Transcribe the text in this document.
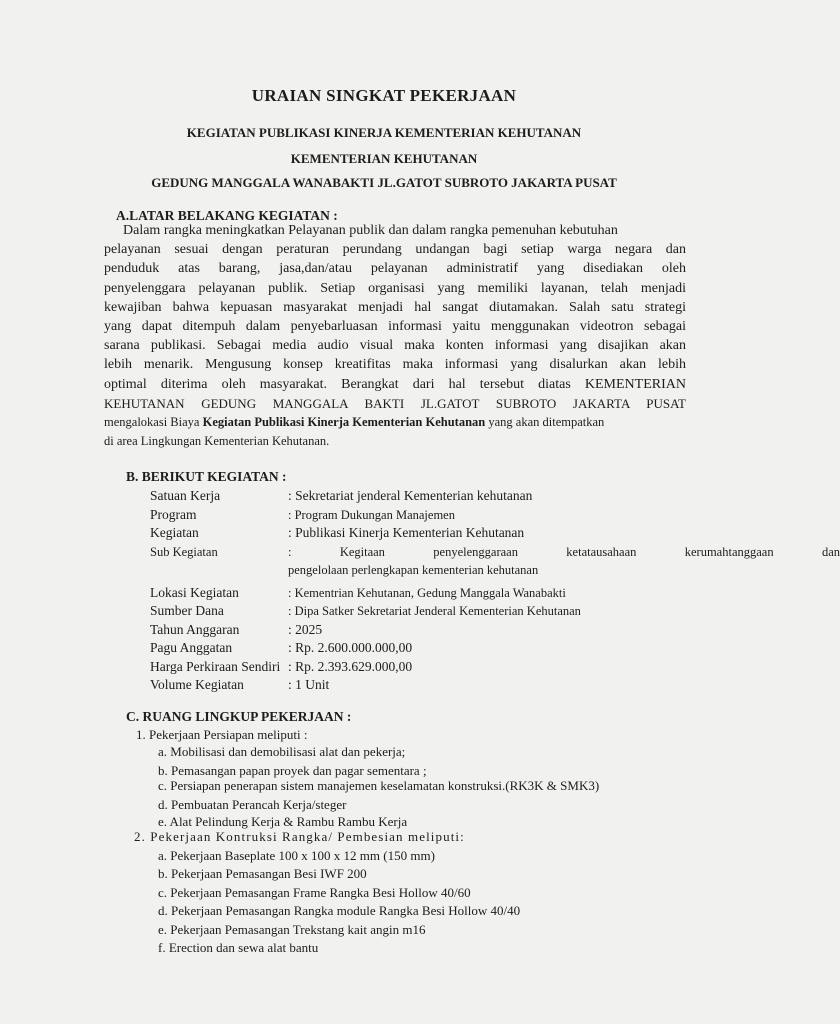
URAIAN SINGKAT PEKERJAAN
KEGIATAN PUBLIKASI KINERJA KEMENTERIAN KEHUTANAN
KEMENTERIAN KEHUTANAN
GEDUNG MANGGALA WANABAKTI JL.GATOT SUBROTO JAKARTA PUSAT
A.LATAR BELAKANG KEGIATAN :
Dalam rangka meningkatkan Pelayanan publik dan dalam rangka pemenuhan kebutuhan
pelayanan sesuai dengan peraturan perundang undangan bagi setiap warga negara dan
penduduk atas barang, jasa,dan/atau pelayanan administratif yang disediakan oleh
penyelenggara pelayanan publik. Setiap organisasi yang memiliki layanan, telah menjadi
kewajiban bahwa kepuasan masyarakat menjadi hal sangat diutamakan. Salah satu strategi
yang dapat ditempuh dalam penyebarluasan informasi yaitu menggunakan videotron sebagai
sarana publikasi. Sebagai media audio visual maka konten informasi yang disajikan akan
lebih menarik. Mengusung konsep kreatifitas maka informasi yang disalurkan akan lebih
optimal diterima oleh masyarakat. Berangkat dari hal tersebut diatas KEMENTERIAN
KEHUTANAN GEDUNG MANGGALA BAKTI JL.GATOT SUBROTO JAKARTA PUSAT
mengalokasi Biaya Kegiatan Publikasi Kinerja Kementerian Kehutanan yang akan ditempatkan
di area Lingkungan Kementerian Kehutanan.
B. BERIKUT KEGIATAN :
Satuan Kerja	: Sekretariat jenderal Kementerian kehutanan
Program	: Program Dukungan Manajemen
Kegiatan	: Publikasi Kinerja Kementerian Kehutanan
Sub Kegiatan	: Kegitaan penyelenggaraan ketatausahaan kerumahtanggaan dan
pengelolaan perlengkapan kementerian kehutanan
Lokasi Kegiatan	: Kementrian Kehutanan, Gedung Manggala Wanabakti
Sumber Dana	: Dipa Satker Sekretariat Jenderal Kementerian Kehutanan
Tahun Anggaran	: 2025
Pagu Anggatan	: Rp. 2.600.000.000,00
Harga Perkiraan Sendiri : Rp. 2.393.629.000,00
Volume Kegiatan	: 1 Unit
C. RUANG LINGKUP PEKERJAAN :
1. Pekerjaan Persiapan meliputi :
a. Mobilisasi dan demobilisasi alat dan pekerja;
b. Pemasangan papan proyek dan pagar sementara ;
c. Persiapan penerapan sistem manajemen keselamatan konstruksi.(RK3K & SMK3)
d. Pembuatan Perancah Kerja/steger
e. Alat Pelindung Kerja & Rambu Rambu Kerja
2. Pekerjaan Kontruksi Rangka/ Pembesian meliputi:
a. Pekerjaan Baseplate 100 x 100 x 12 mm (150 mm)
b. Pekerjaan Pemasangan Besi IWF 200
c. Pekerjaan Pemasangan Frame Rangka Besi Hollow 40/60
d. Pekerjaan Pemasangan Rangka module Rangka Besi Hollow 40/40
e. Pekerjaan Pemasangan Trekstang kait angin m16
f. Erection dan sewa alat bantu
